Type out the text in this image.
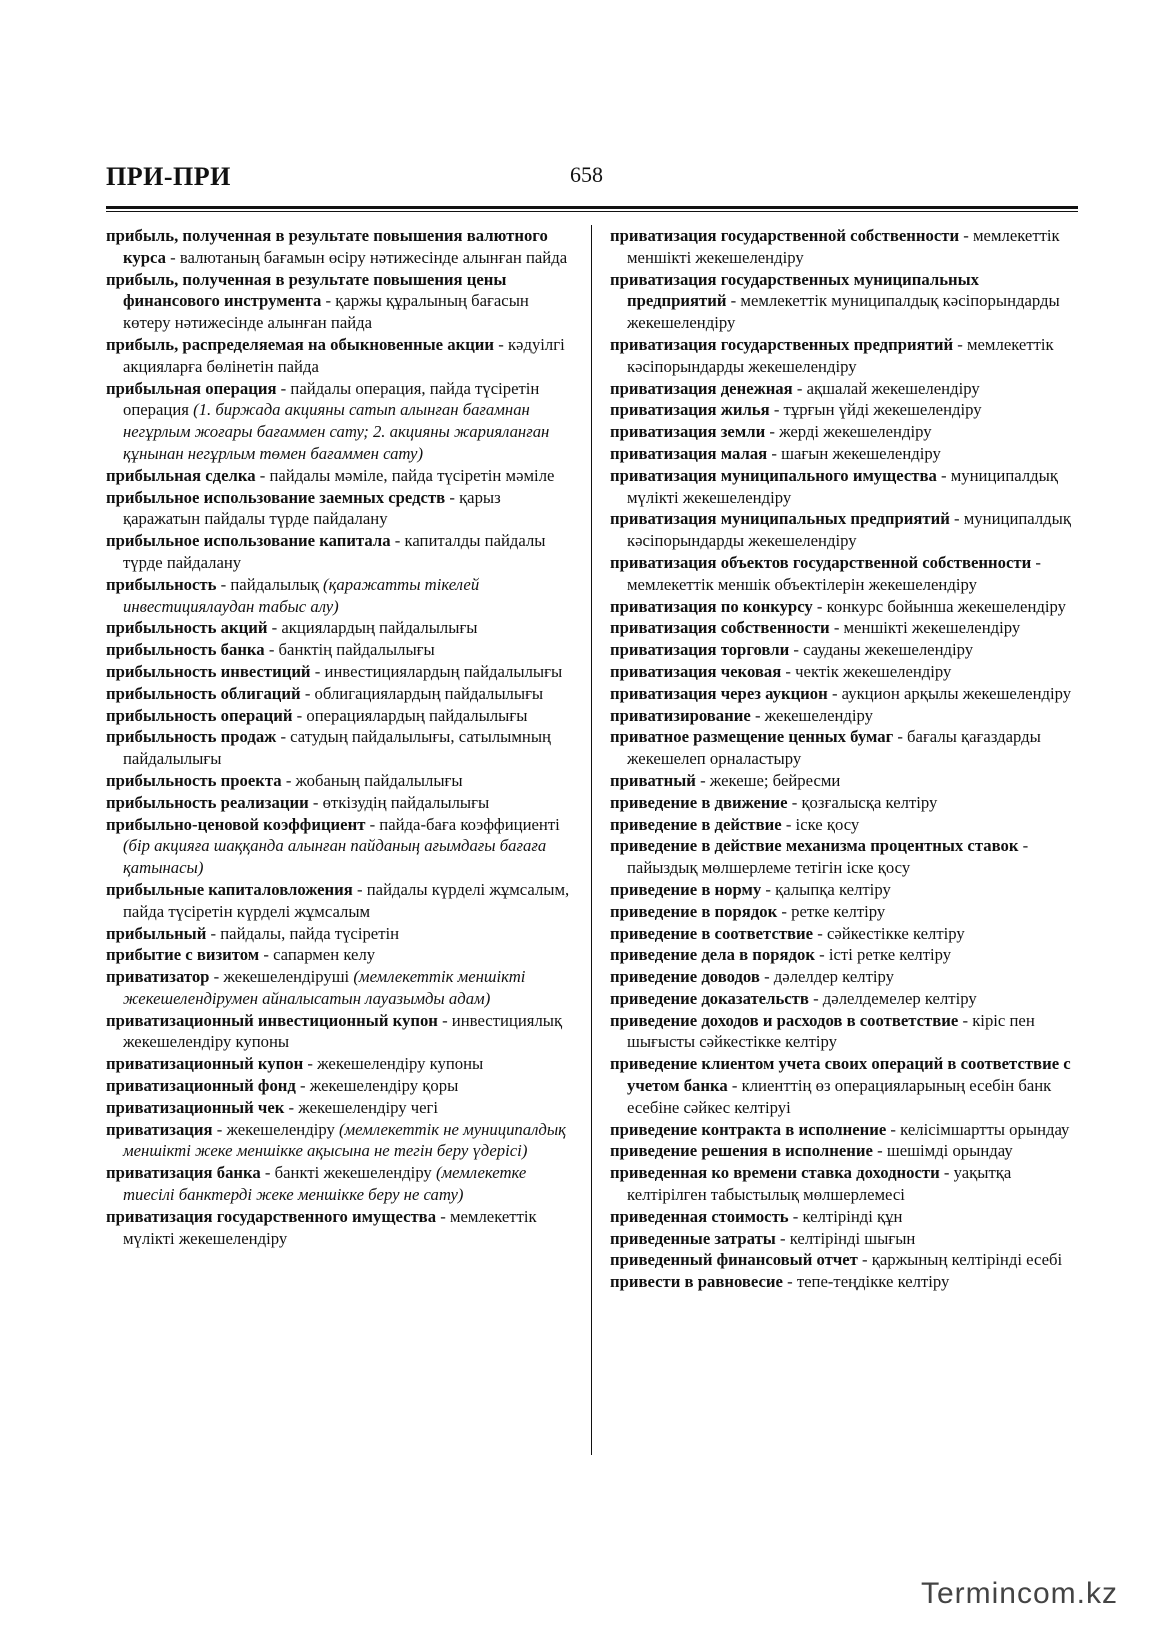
ПРИ-ПРИ	658
прибыль, полученная в результате повышения валютного курса - валютаның бағамын өсіру нәтижесінде алынған пайда
прибыль, полученная в результате повышения цены финансового инструмента - қаржы құралының бағасын көтеру нәтижесінде алынған пайда
прибыль, распределяемая на обыкновенные акции - кәдуілгі акцияларға бөлінетін пайда
прибыльная операция - пайдалы операция, пайда түсіретін операция (1. биржада акцияны сатып алынған бағамнан негұрлым жоғары бағаммен сату; 2. акцияны жарияланған құнынан негұрлым төмен бағаммен сату)
прибыльная сделка - пайдалы мәміле, пайда түсіретін мәміле
прибыльное использование заемных средств - қарыз қаражатын пайдалы түрде пайдалану
прибыльное использование капитала - капиталды пайдалы түрде пайдалану
прибыльность - пайдалылық (қаражатты тікелей инвестициялаудан табыс алу)
прибыльность акций - акциялардың пайдалылығы
прибыльность банка - банктің пайдалылығы
прибыльность инвестиций - инвестициялардың пайдалылығы
прибыльность облигаций - облигациялардың пайдалылығы
прибыльность операций - операциялардың пайдалылығы
прибыльность продаж - сатудың пайдалылығы, сатылымның пайдалылығы
прибыльность проекта - жобаның пайдалылығы
прибыльность реализации - өткізудің пайдалылығы
прибыльно-ценовой коэффициент - пайда-баға коэффициенті (бір акцияға шаққанда алынған пайданың ағымдағы бағаға қатынасы)
прибыльные капиталовложения - пайдалы күрделі жұмсалым, пайда түсіретін күрделі жұмсалым
прибыльный - пайдалы, пайда түсіретін
прибытие с визитом - сапармен келу
приватизатор - жекешелендіруші (мемлекеттік меншікті жекешелендірумен айналысатын лауазымды адам)
приватизационный инвестиционный купон - инвестициялық жекешелендіру купоны
приватизационный купон - жекешелендіру купоны
приватизационный фонд - жекешелендіру қоры
приватизационный чек - жекешелендіру чегі
приватизация - жекешелендіру (мемлекеттік не муниципалдық меншікті жеке меншікке ақысына не тегін беру үдерісі)
приватизация банка - банкті жекешелендіру (мемлекетке тиесілі банктерді жеке меншікке беру не сату)
приватизация государственного имущества - мемлекеттік мүлікті жекешелендіру
приватизация государственной собственности - мемлекеттік меншікті жекешелендіру
приватизация государственных муниципальных предприятий - мемлекеттік муниципалдық кәсіпорындарды жекешелендіру
приватизация государственных предприятий - мемлекеттік кәсіпорындарды жекешелендіру
приватизация денежная - ақшалай жекешелендіру
приватизация жилья - тұрғын үйді жекешелендіру
приватизация земли - жерді жекешелендіру
приватизация малая - шағын жекешелендіру
приватизация муниципального имущества - муниципалдық мүлікті жекешелендіру
приватизация муниципальных предприятий - муниципалдық кәсіпорындарды жекешелендіру
приватизация объектов государственной собственности - мемлекеттік меншік объектілерін жекешелендіру
приватизация по конкурсу - конкурс бойынша жекешелендіру
приватизация собственности - меншікті жекешелендіру
приватизация торговли - сауданы жекешелендіру
приватизация чековая - чектік жекешелендіру
приватизация через аукцион - аукцион арқылы жекешелендіру
приватизирование - жекешелендіру
приватное размещение ценных бумаг - бағалы қағаздарды жекешелеп орналастыру
приватный - жекеше; бейресми
приведение в движение - қозғалысқа келтіру
приведение в действие - іске қосу
приведение в действие механизма процентных ставок - пайыздық мөлшерлеме тетігін іске қосу
приведение в норму - қалыпқа келтіру
приведение в порядок - ретке келтіру
приведение в соответствие - сәйкестікке келтіру
приведение дела в порядок - істі ретке келтіру
приведение доводов - дәлелдер келтіру
приведение доказательств - дәлелдемелер келтіру
приведение доходов и расходов в соответствие - кіріс пен шығысты сәйкестікке келтіру
приведение клиентом учета своих операций в соответствие с учетом банка - клиенттің өз операцияларының есебін банк есебіне сәйкес келтіруі
приведение контракта в исполнение - келісімшартты орындау
приведение решения в исполнение - шешімді орындау
приведенная ко времени ставка доходности - уақытқа келтірілген табыстылық мөлшерлемесі
приведенная стоимость - келтірінді құн
приведенные затраты - келтірінді шығын
приведенный финансовый отчет - қаржының келтірінді есебі
привести в равновесие - тепе-теңдікке келтіру
Termincom.kz
